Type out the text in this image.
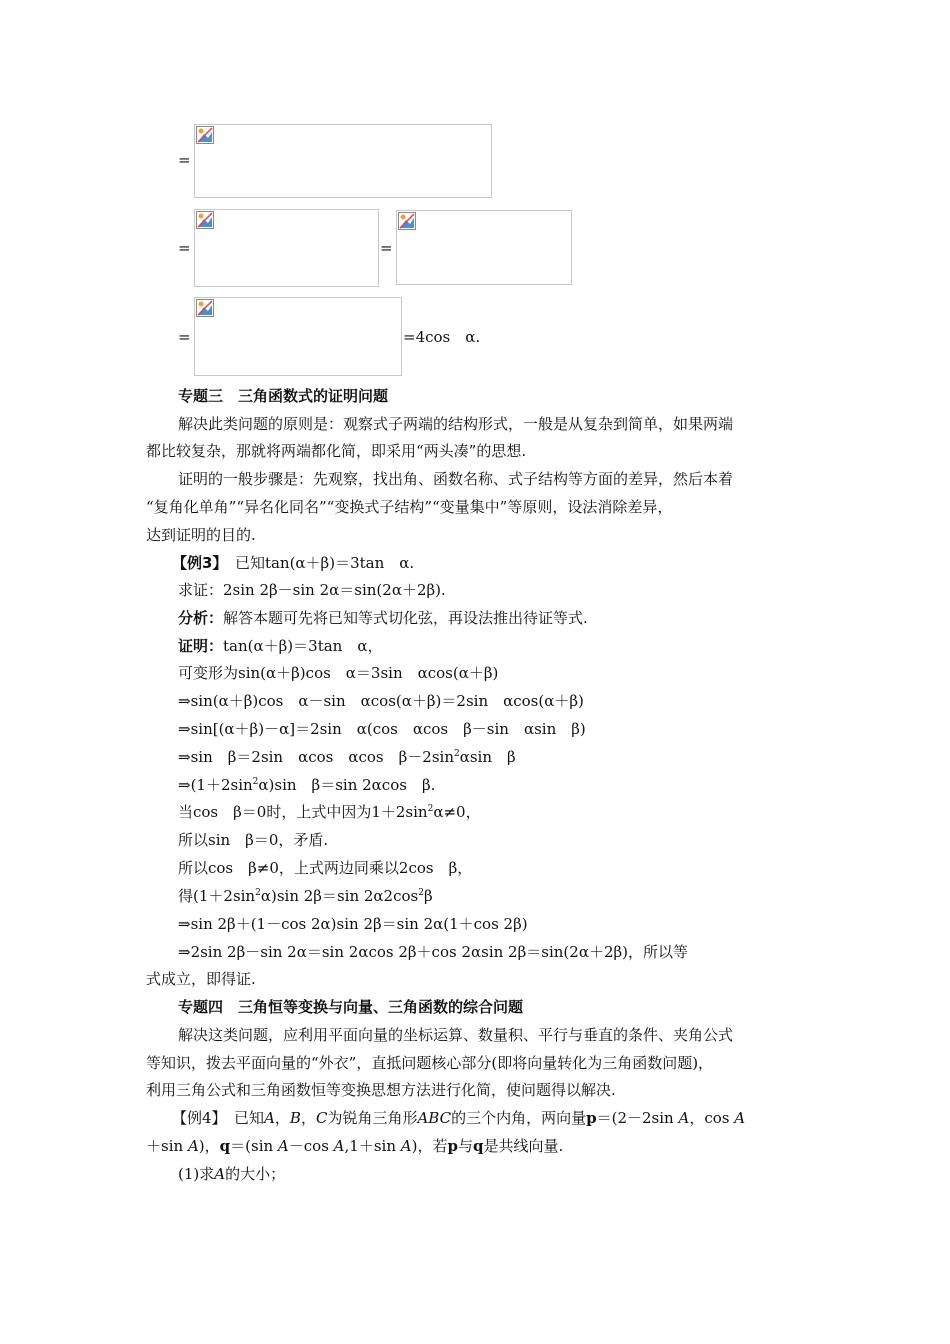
=
=	=
=	=4cos　α.
专题三　三角函数式的证明问题
解决此类问题的原则是：观察式子两端的结构形式，一般是从复杂到简单，如果两端
都比较复杂，那就将两端都化简，即采用“两头凑”的思想.
证明的一般步骤是：先观察，找出角、函数名称、式子结构等方面的差异，然后本着
“复角化单角”“异名化同名”“变换式子结构”“变量集中”等原则，设法消除差异，
达到证明的目的.
【例3】　已知tan(α＋β)＝3tan　α.
求证：2sin 2β－sin 2α＝sin(2α＋2β).
分析：解答本题可先将已知等式切化弦，再设法推出待证等式.
证明：tan(α＋β)＝3tan　α，
可变形为sin(α＋β)cos　α＝3sin　αcos(α＋β)
⇒sin(α＋β)cos　α－sin　αcos(α＋β)＝2sin　αcos(α＋β)
⇒sin[(α＋β)－α]＝2sin　α(cos　αcos　β－sin　αsin　β)
⇒sin　β＝2sin　αcos　αcos　$\beta-2\sin^2\alpha\sin$　β
$\Rightarrow(1+2\sin^2\alpha)\sin$　β＝sin 2αcos　β.
当cos　β＝0时，上式中因为$1+2\sin^2\alpha\ne 0$，
所以sin　β＝0，矛盾.
所以cos　β≠0，上式两边同乘以2cos　β，
得$(1+2\sin^2\alpha)\sin$ 2β＝sin $2\alpha 2\cos^2\beta$
⇒sin 2β＋(1－cos 2α)sin 2β＝sin 2α(1＋cos 2β)
⇒2sin 2β－sin 2α＝sin 2αcos 2β＋cos 2αsin 2β＝sin(2α＋2β)，所以等
式成立，即得证.
专题四　三角恒等变换与向量、三角函数的综合问题
解决这类问题，应利用平面向量的坐标运算、数量积、平行与垂直的条件、夹角公式
等知识，拨去平面向量的“外衣”，直抵问题核心部分(即将向量转化为三角函数问题)，
利用三角公式和三角函数恒等变换思想方法进行化简，使问题得以解决.
【例4】　已知A，B，C为锐角三角形ABC的三个内角，两向量p＝(2－2sin A，cos A
＋sin A)，q＝(sin A－cos A,1＋sin A)，若p与q是共线向量.
(1)求A的大小；
